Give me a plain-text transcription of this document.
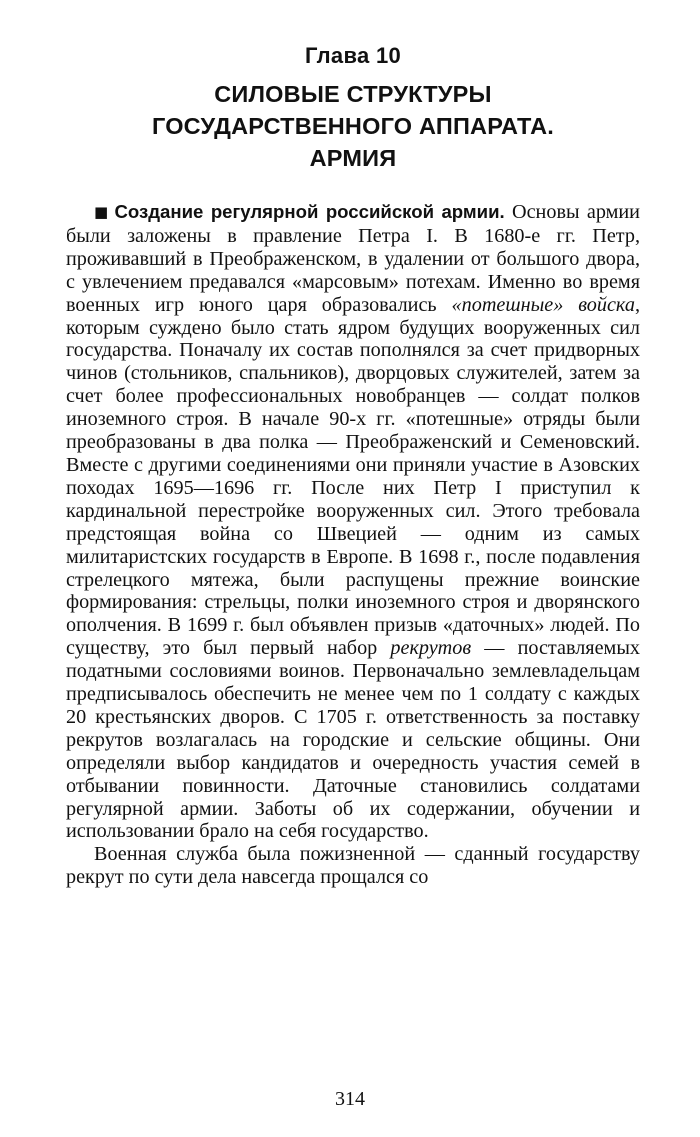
Глава 10
СИЛОВЫЕ СТРУКТУРЫ
ГОСУДАРСТВЕННОГО АППАРАТА.
АРМИЯ

■ Создание регулярной российской армии. Основы армии были заложены в правление Петра I. В 1680-е гг. Петр, проживавший в Преображенском, в удалении от большого двора, с увлечением предавался «марсовым» потехам. Именно во время военных игр юного царя образовались «потешные» войска, которым суждено было стать ядром будущих вооруженных сил государства. Поначалу их состав пополнялся за счет придворных чинов (стольников, спальников), дворцовых служителей, затем за счет более профессиональных новобранцев — солдат полков иноземного строя. В начале 90-х гг. «потешные» отряды были преобразованы в два полка — Преображенский и Семеновский. Вместе с другими соединениями они приняли участие в Азовских походах 1695—1696 гг. После них Петр I приступил к кардинальной перестройке вооруженных сил. Этого требовала предстоящая война со Швецией — одним из самых милитаристских государств в Европе. В 1698 г., после подавления стрелецкого мятежа, были распущены прежние воинские формирования: стрельцы, полки иноземного строя и дворянского ополчения. В 1699 г. был объявлен призыв «даточных» людей. По существу, это был первый набор рекрутов — поставляемых податными сословиями воинов. Первоначально землевладельцам предписывалось обеспечить не менее чем по 1 солдату с каждых 20 крестьянских дворов. С 1705 г. ответственность за поставку рекрутов возлагалась на городские и сельские общины. Они определяли выбор кандидатов и очередность участия семей в отбывании повинности. Даточные становились солдатами регулярной армии. Заботы об их содержании, обучении и использовании брало на себя государство.

Военная служба была пожизненной — сданный государству рекрут по сути дела навсегда прощался со

314
